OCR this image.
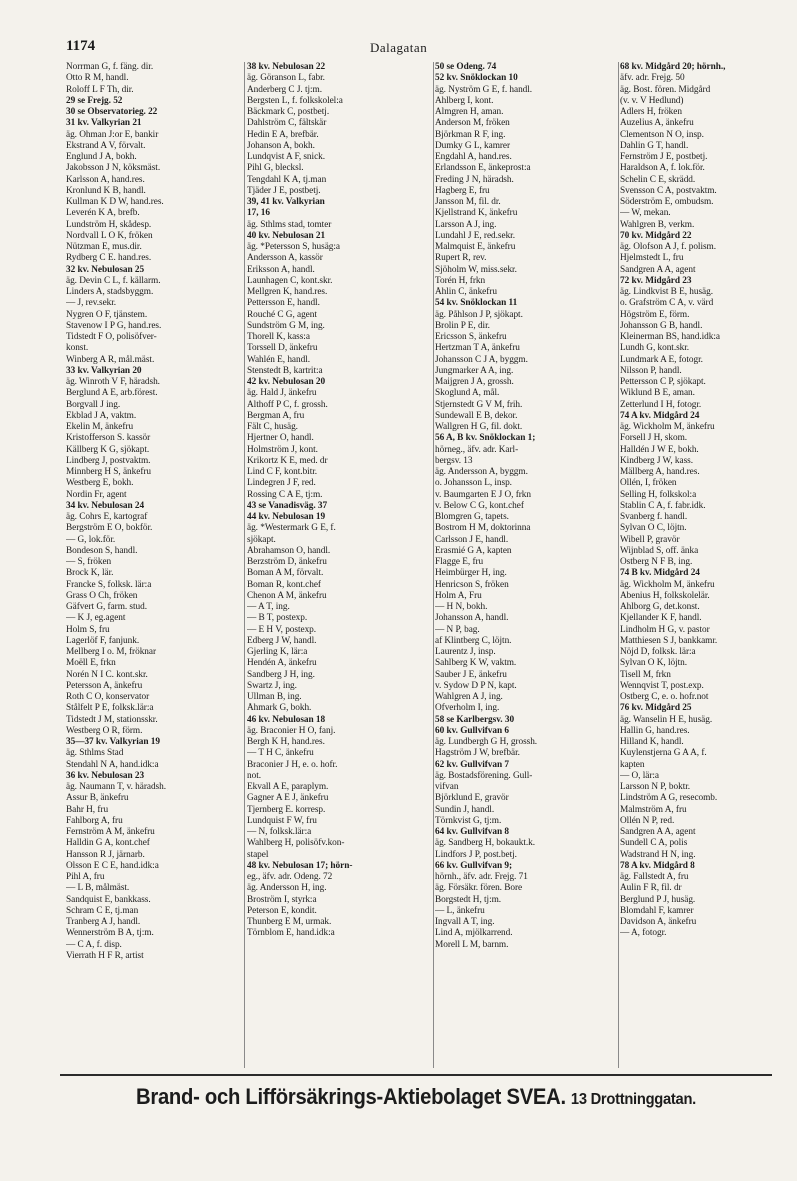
1174	Dalagatan
Norrman G, f. fäng. dir.
Otto R M, handl.
Roloff L F Th, dir.
29 se Frejg. 52
30 se Observatorieg. 22
31 kv. Valkyrian 21
äg. Öhman J:or E, bankir
Ekstrand A V, förvalt.
Englund J A, bokh.
Jakobsson J N, köksmäst.
Karlsson A, hand.res.
Kronlund K B, handl.
Kullman K D W, hand.res.
Leverén K A, brefb.
Lundström H, skådesp.
Nordvall L O K, fröken
Nützman E, mus.dir.
Rydberg C E. hand.res.
32 kv. Nebulosan 25
äg. Devin C L, f. källarm.
Linders A, stadsbyggm.
— J, rev.sekr.
Nygren O F, tjänstem.
Stavenow I P G, hand.res.
Tidstedt F O, polisöfver-
konst.
Winberg A R, mål.mäst.
33 kv. Valkyrian 20
äg. Winroth V F, häradsh.
Berglund A E, arb.förest.
Borgvall J ing.
Ekblad J A, vaktm.
Ekelin M, änkefru
Kristofferson S. kassör
Källberg K G, sjökapt.
Lindberg J, postvaktm.
Minnberg H S, änkefru
Westberg E, bokh.
Nordin Fr, agent
34 kv. Nebulosan 24
äg. Cohrs E, kartograf
Bergström E O, bokför.
— G, lok.för.
Bondeson S, handl.
— S, fröken
Brock K, lär.
Francke S, folksk. lär:a
Grass O Ch, fröken
Gäfvert G, farm. stud.
— K J, eg.agent
Holm S, fru
Lagerlöf F, fanjunk.
Mellberg I o. M, fröknar
Moëll E, frkn
Norén N I C. kont.skr.
Petersson A, änkefru
Roth C O, konservator
Stålfelt P E, folksk.lär:a
Tidstedt J M, stationsskr.
Westberg O R, förm.
35—37 kv. Valkyrian 19
äg. Sthlms Stad
Stendahl N A, hand.idk:a
36 kv. Nebulosan 23
äg. Naumann T, v. häradsh.
Assur B, änkefru
Bahr H, fru
Fahlborg A, fru
Fernström A M, änkefru
Halldin G A, kont.chef
Hansson R J, järnarb.
Olsson E C E, hand.idk:a
Pihl A, fru
— L B, målmäst.
Sandquist E, bankkass.
Schram C E, tj.man
Tranberg A J, handl.
Wennerström B A, tj:m.
— C A, f. disp.
Vierrath H F R, artist
38 kv. Nebulosan 22
äg. Göranson L, fabr.
Anderberg C J. tj:m.
Bergsten L, f. folkskolel:a
Bäckmark C, postbetj.
Dahlström C, fältskär
Hedin E A, brefbär.
Johanson A, bokh.
Lundqvist A F, snick.
Pihl G, blecksl.
Tengdahl K A, tj.man
Tjäder J E, postbetj.
39, 41 kv. Valkyrian
17, 16
äg. Sthlms stad, tomter
40 kv. Nebulosan 21
äg. *Petersson S, husäg:a
Andersson A, kassör
Eriksson A, handl.
Launhagen C, kont.skr.
Mellgren K, hand.res.
Pettersson E, handl.
Rouché C G, agent
Sundström G M, ing.
Thorell K, kass:a
Torssell D, änkefru
Wahlén E, handl.
Stenstedt B, kartrit:a
42 kv. Nebulosan 20
äg. Hald J, änkefru
Althoff P C, f. grossh.
Bergman A, fru
Fält C, husäg.
Hjertner O, handl.
Holmström J, kont.
Krikortz K E, med. dr
Lind C F, kont.bitr.
Lindegren J F, red.
Rossing C A E, tj:m.
43 se Vanadisväg. 37
44 kv. Nebulosan 19
äg. *Westermark G E, f.
sjökapt.
Abrahamson O, handl.
Berzström D, änkefru
Boman A M, förvalt.
Boman R, kont.chef
Chenon A M, änkefru
— A T, ing.
— B T, postexp.
— E H V, postexp.
Edberg J W, handl.
Gjerling K, lär:a
Hendén A, änkefru
Sandberg J H, ing.
Swartz J, ing.
Ullman B, ing.
Åhmark G, bokh.
46 kv. Nebulosan 18
äg. Braconier H O, fanj.
Bergh K H, hand.res.
— T H C, änkefru
Braconier J H, e. o. hofr.
not.
Ekvall A E, paraplym.
Gagner A E J, änkefru
Tjernberg E. korresp.
Lundquist F W, fru
— N, folksk.lär:a
Wahlberg H, polisöfv.kon-
stapel
48 kv. Nebulosan 17; hörn-
eg., äfv. adr. Odeng. 72
äg. Andersson H, ing.
Broström I, styrk:a
Peterson E, kondit.
Thunberg E M, urmak.
Törnblom E, hand.idk:a
50 se Odeng. 74
52 kv. Snöklockan 10
äg. Nyström G E, f. handl.
Ahlberg I, kont.
Almgren H, aman.
Anderson M, fröken
Björkman R F, ing.
Dumky G L, kamrer
Engdahl A, hand.res.
Erlandsson E, änkeprost:a
Freding J N, häradsh.
Hagberg E, fru
Jansson M, fil. dr.
Kjellstrand K, änkefru
Larsson A J, ing.
Lundahl J E, red.sekr.
Malmquist E, änkefru
Rupert R, rev.
Sjöholm W, miss.sekr.
Torén H, frkn
Åhlin C, änkefru
54 kv. Snöklockan 11
äg. Påhlson J P, sjökapt.
Brolin P E, dir.
Ericsson S, änkefru
Hertzman T A, änkefru
Johansson C J A, byggm.
Jungmarker A A, ing.
Maijgren J A, grossh.
Skoglund A, mål.
Stjernstedt G V M, frih.
Sundewall E B, dekor.
Wallgren H G, fil. dokt.
56 A, B kv. Snöklockan 1;
hörneg., äfv. adr. Karl-
bergsv. 13
äg. Andersson A, byggm.
o. Johansson L, insp.
v. Baumgarten E J O, frkn
v. Below C G, kont.chef
Blomgren G, tapets.
Bostrom H M, doktorinna
Carlsson J E, handl.
Erasmié G A, kapten
Flagge E, fru
Heimbürger H, ing.
Henricson S, fröken
Holm A, Fru
— H N, bokh.
Johansson A, handl.
— N P, bag.
af Klintberg C, löjtn.
Laurentz J, insp.
Sahlberg K W, vaktm.
Sauber J E, änkefru
v. Sydow D P N, kapt.
Wahlgren A J, ing.
Öfverholm I, ing.
58 se Karlbergsv. 30
60 kv. Gullvifvan 6
äg. Lundbergh G H, grossh.
Hagström J W, brefbär.
62 kv. Gullvifvan 7
äg. Bostadsförening. Gull-
vifvan
Björklund E, gravör
Sundin J, handl.
Törnkvist G, tj:m.
64 kv. Gullvifvan 8
äg. Sandberg H, bokaukt.k.
Lindfors J P, post.betj.
66 kv. Gullvifvan 9;
hörnh., äfv. adr. Frejg. 71
äg. Försäkr. fören. Bore
Borgstedt H, tj:m.
— L, änkefru
Ingvall A T, ing.
Lind A, mjölkarrend.
Morell L M, barnm.
68 kv. Midgård 20; hörnh.,
äfv. adr. Frejg. 50
äg. Bost. fören. Midgård
(v. v. V Hedlund)
Adlers H, fröken
Auzelius A, änkefru
Clementson N O, insp.
Dahlin G T, handl.
Fernström J E, postbetj.
Haraldson A, f. lok.för.
Schelin C E, skrädd.
Svensson C A, postvaktm.
Söderström E, ombudsm.
— W, mekan.
Wahlgren B, verkm.
70 kv. Midgård 22
äg. Olofson A J, f. polism.
Hjelmstedt L, fru
Sandgren A A, agent
72 kv. Midgård 23
äg. Lindkvist B E, husäg.
o. Grafström C A, v. värd
Högström E, förm.
Johansson G B, handl.
Kleinerman BS, hand.idk:a
Lundh G, kont.skr.
Lundmark A E, fotogr.
Nilsson P, handl.
Pettersson C P, sjökapt.
Wiklund B E, aman.
Zetterlund I H, fotogr.
74 A kv. Midgård 24
äg. Wickholm M, änkefru
Forsell J H, skom.
Halldén J W E, bokh.
Kindberg J W, kass.
Mällberg A, hand.res.
Ollén, I, fröken
Selling H, folkskol:a
Stablin C A, f. fabr.idk.
Svanberg f. handl.
Sylvan O C, löjtn.
Wibell P, gravör
Wijnblad S, off. änka
Östberg N F B, ing.
74 B kv. Midgård 24
äg. Wickholm M, änkefru
Abenius H, folkskolelär.
Ahlborg G, det.konst.
Kjellander K F, handl.
Lindholm H G, v. pastor
Matthiesen S J, bankkamr.
Nöjd D, folksk. lär:a
Sylvan O K, löjtn.
Tisell M, frkn
Wennqvist T, post.exp.
Östberg C, e. o. hofr.not
76 kv. Midgård 25
äg. Wanselin H E, husäg.
Hallin G, hand.res.
Hilland K, handl.
Kuylenstjerna G A A, f.
kapten
— O, lär:a
Larsson N P, boktr.
Lindström A G, resecomb.
Malmström A, fru
Ollén N P, red.
Sandgren A A, agent
Sundell C A, polis
Wadstrand H N, ing.
78 A kv. Midgård 8
äg. Fallstedt A, fru
Aulin F R, fil. dr
Berglund P J, husäg.
Blomdahl F, kamrer
Davidson A, änkefru
— A, fotogr.
Brand- och Lifförsäkrings-Aktiebolaget SVEA. 13 Drottninggatan.
